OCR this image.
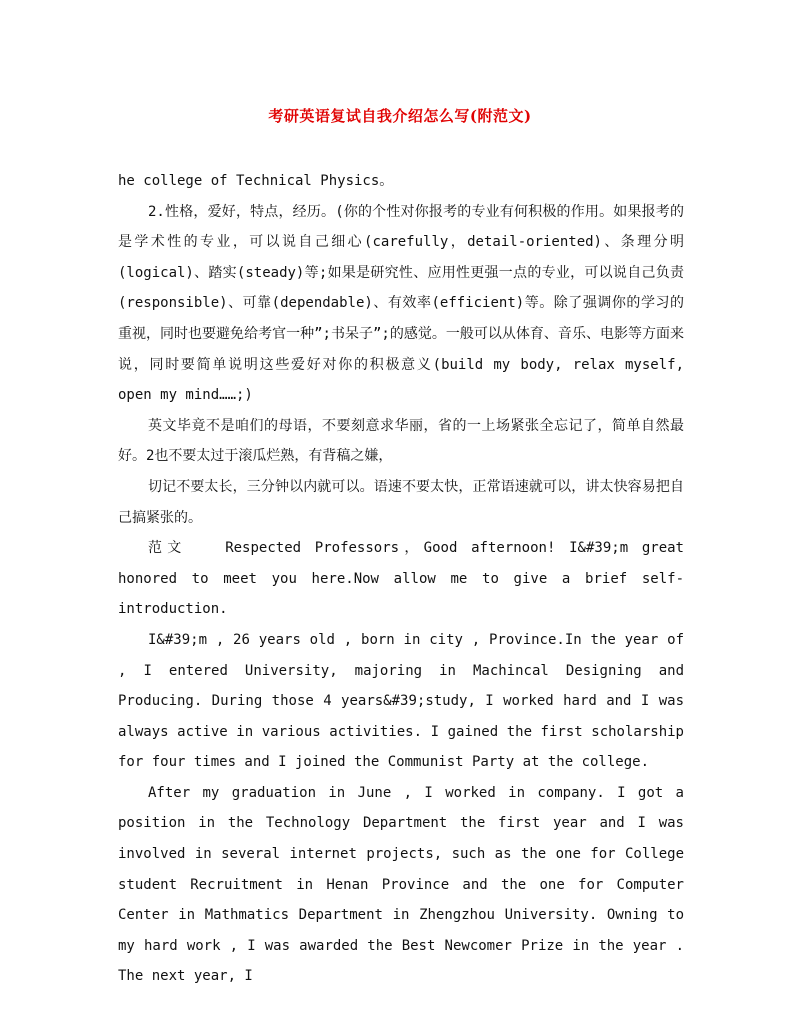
考研英语复试自我介绍怎么写(附范文)

he college of Technical Physics。

2.性格，爱好，特点，经历。(你的个性对你报考的专业有何积极的作用。如果报考的是学术性的专业，可以说自己细心(carefully，detail-oriented)、条理分明(logical)、踏实(steady)等;如果是研究性、应用性更强一点的专业，可以说自己负责(responsible)、可靠(dependable)、有效率(efficient)等。除了强调你的学习的重视，同时也要避免给考官一种”;书呆子”;的感觉。一般可以从体育、音乐、电影等方面来说，同时要简单说明这些爱好对你的积极意义(build my body, relax myself, open my mind……;)

英文毕竟不是咱们的母语，不要刻意求华丽，省的一上场紧张全忘记了，简单自然最好。2也不要太过于滚瓜烂熟，有背稿之嫌，

切记不要太长，三分钟以内就可以。语速不要太快，正常语速就可以，讲太快容易把自己搞紧张的。

范文　　Respected Professors，Good afternoon! I&#39;m great honored to meet you here.Now allow me to give a brief self-introduction.

I&#39;m , 26 years old , born in city , Province.In the year of , I entered University, majoring in Machincal Designing and Producing. During those 4 years&#39;study, I worked hard and I was always active in various activities. I gained the first scholarship for four times and I joined the Communist Party at the college.

After my graduation in June , I worked in company. I got a position in the Technology Department the first year and I was involved in several internet projects, such as the one for College student Recruitment in Henan Province and the one for Computer Center in Mathmatics Department in Zhengzhou University. Owning to my hard work , I was awarded the Best Newcomer Prize in the year . The next year, I
